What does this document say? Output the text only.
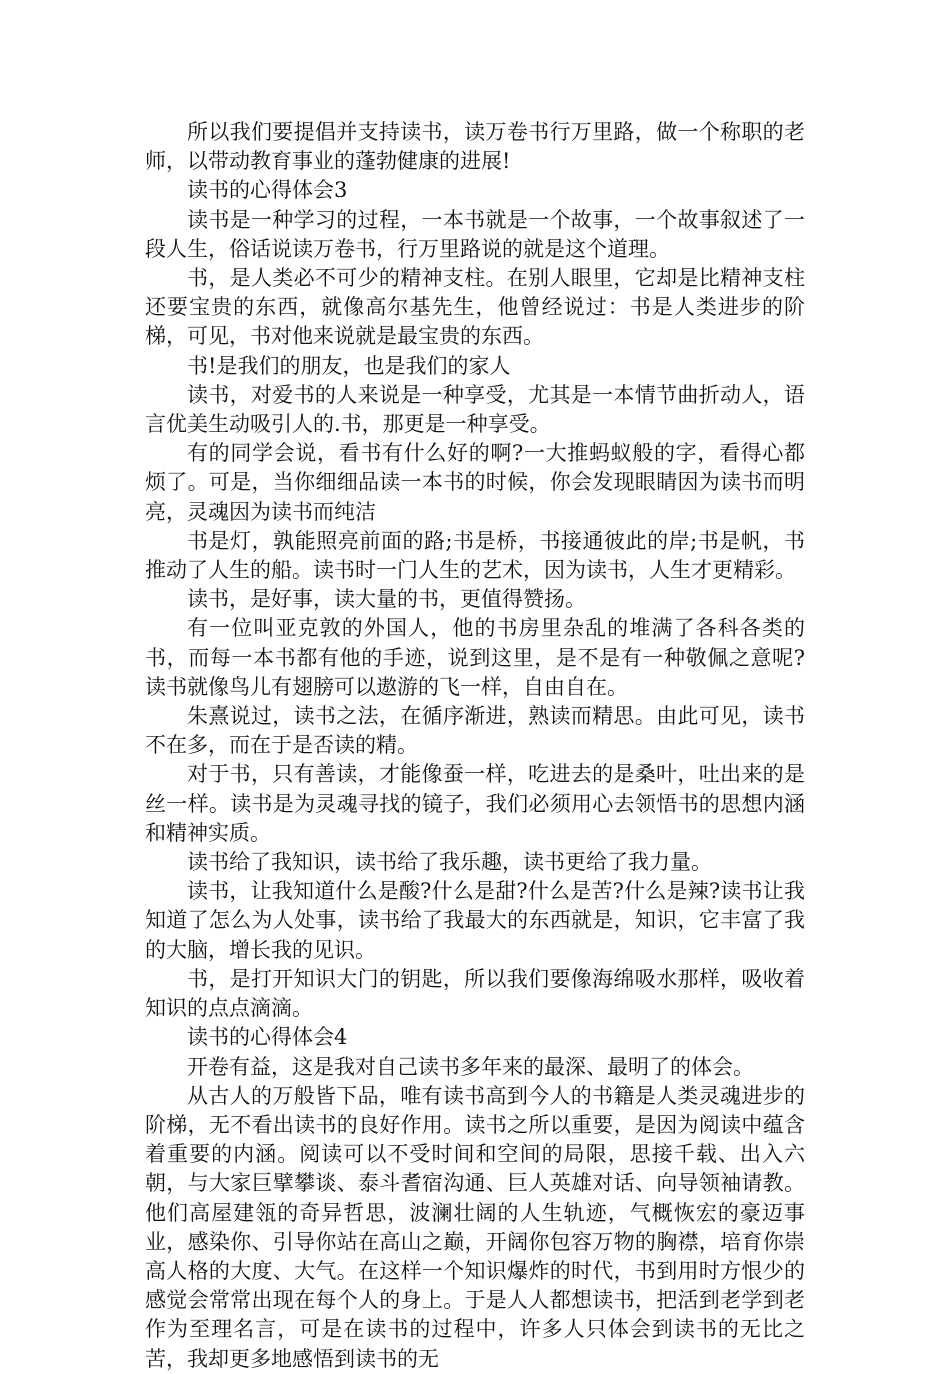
所以我们要提倡并支持读书，读万卷书行万里路，做一个称职的老师，以带动教育事业的蓬勃健康的进展!

读书的心得体会3

读书是一种学习的过程，一本书就是一个故事，一个故事叙述了一段人生，俗话说读万卷书，行万里路说的就是这个道理。

书，是人类必不可少的精神支柱。在别人眼里，它却是比精神支柱还要宝贵的东西，就像高尔基先生，他曾经说过：书是人类进步的阶梯，可见，书对他来说就是最宝贵的东西。

书!是我们的朋友，也是我们的家人

读书，对爱书的人来说是一种享受，尤其是一本情节曲折动人，语言优美生动吸引人的.书，那更是一种享受。

有的同学会说，看书有什么好的啊?一大推蚂蚁般的字，看得心都烦了。可是，当你细细品读一本书的时候，你会发现眼睛因为读书而明亮，灵魂因为读书而纯洁

书是灯，孰能照亮前面的路;书是桥，书接通彼此的岸;书是帆，书推动了人生的船。读书时一门人生的艺术，因为读书，人生才更精彩。

读书，是好事，读大量的书，更值得赞扬。

有一位叫亚克敦的外国人，他的书房里杂乱的堆满了各科各类的书，而每一本书都有他的手迹，说到这里，是不是有一种敬佩之意呢?读书就像鸟儿有翅膀可以遨游的飞一样，自由自在。

朱熹说过，读书之法，在循序渐进，熟读而精思。由此可见，读书不在多，而在于是否读的精。

对于书，只有善读，才能像蚕一样，吃进去的是桑叶，吐出来的是丝一样。读书是为灵魂寻找的镜子，我们必须用心去领悟书的思想内涵和精神实质。

读书给了我知识，读书给了我乐趣，读书更给了我力量。

读书，让我知道什么是酸?什么是甜?什么是苦?什么是辣?读书让我知道了怎么为人处事，读书给了我最大的东西就是，知识，它丰富了我的大脑，增长我的见识。

书，是打开知识大门的钥匙，所以我们要像海绵吸水那样，吸收着知识的点点滴滴。

读书的心得体会4

开卷有益，这是我对自己读书多年来的最深、最明了的体会。

从古人的万般皆下品，唯有读书高到今人的书籍是人类灵魂进步的阶梯，无不看出读书的良好作用。读书之所以重要，是因为阅读中蕴含着重要的内涵。阅读可以不受时间和空间的局限，思接千载、出入六朝，与大家巨擘攀谈、泰斗耆宿沟通、巨人英雄对话、向导领袖请教。他们高屋建瓴的奇异哲思，波澜壮阔的人生轨迹，气概恢宏的豪迈事业，感染你、引导你站在高山之巅，开阔你包容万物的胸襟，培育你崇高人格的大度、大气。在这样一个知识爆炸的时代，书到用时方恨少的感觉会常常出现在每个人的身上。于是人人都想读书，把活到老学到老作为至理名言，可是在读书的过程中，许多人只体会到读书的无比之苦，我却更多地感悟到读书的无
